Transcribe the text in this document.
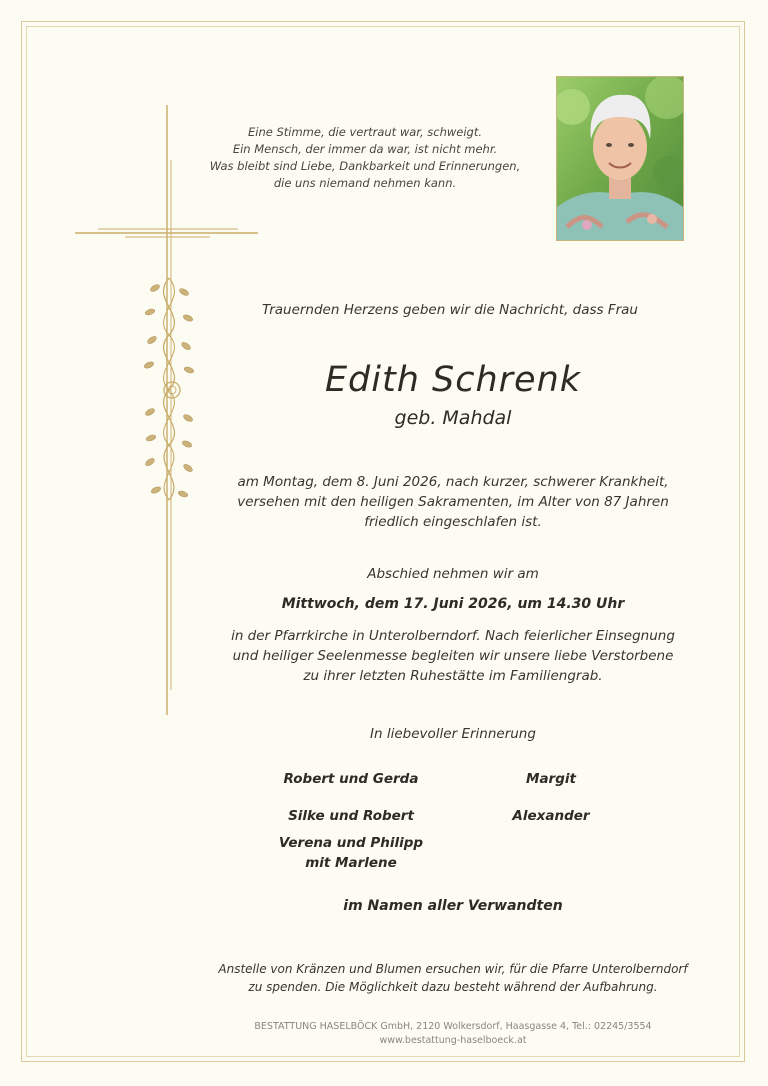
Eine Stimme, die vertraut war, schweigt.
Ein Mensch, der immer da war, ist nicht mehr.
Was bleibt sind Liebe, Dankbarkeit und Erinnerungen,
die uns niemand nehmen kann.

Trauernden Herzens geben wir die Nachricht, dass Frau

Edith Schrenk

geb. Mahdal

am Montag, dem 8. Juni 2026, nach kurzer, schwerer Krankheit,
versehen mit den heiligen Sakramenten, im Alter von 87 Jahren
friedlich eingeschlafen ist.

Abschied nehmen wir am

Mittwoch, dem 17. Juni 2026, um 14.30 Uhr

in der Pfarrkirche in Unterolberndorf. Nach feierlicher Einsegnung
und heiliger Seelenmesse begleiten wir unsere liebe Verstorbene
zu ihrer letzten Ruhestätte im Familiengrab.

In liebevoller Erinnerung

Robert und Gerda	Margit
Silke und Robert	Alexander
Verena und Philipp
mit Marlene

im Namen aller Verwandten

Anstelle von Kränzen und Blumen ersuchen wir, für die Pfarre Unterolberndorf
zu spenden. Die Möglichkeit dazu besteht während der Aufbahrung.
BESTATTUNG HASELBÖCK GmbH, 2120 Wolkersdorf, Haasgasse 4, Tel.: 02245/3554
www.bestattung-haselboeck.at
